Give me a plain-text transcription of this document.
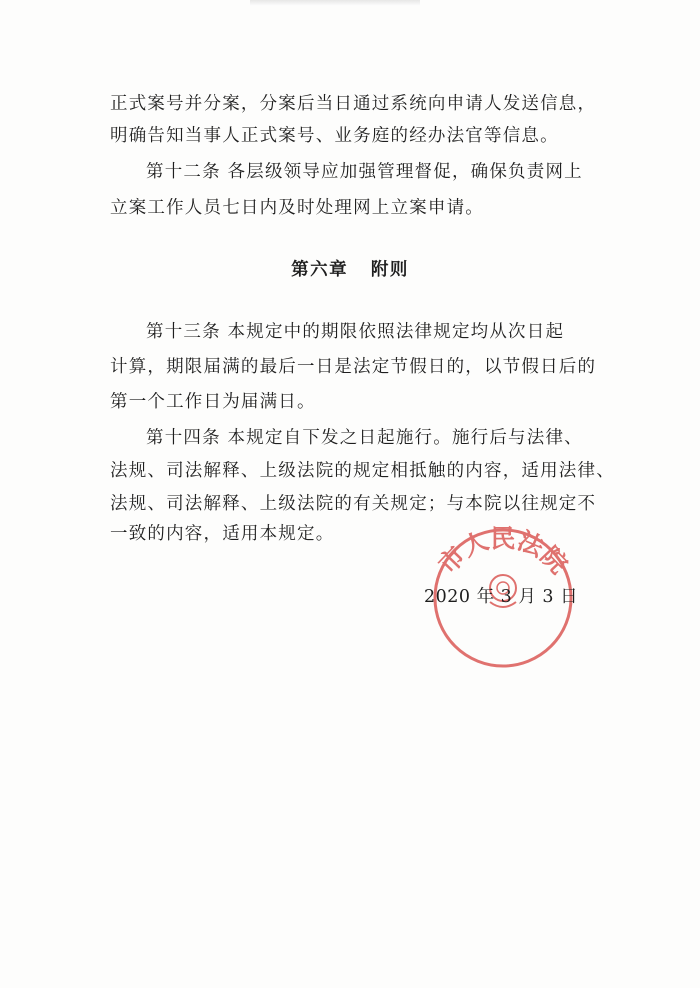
正式案号并分案，分案后当日通过系统向申请人发送信息，
明确告知当事人正式案号、业务庭的经办法官等信息。
第十二条 各层级领导应加强管理督促，确保负责网上
立案工作人员七日内及时处理网上立案申请。
第六章   附则
第十三条 本规定中的期限依照法律规定均从次日起
计算，期限届满的最后一日是法定节假日的，以节假日后的
第一个工作日为届满日。
第十四条 本规定自下发之日起施行。施行后与法律、
法规、司法解释、上级法院的规定相抵触的内容，适用法律、
法规、司法解释、上级法院的有关规定；与本院以往规定不
一致的内容，适用本规定。
市人民法院
2020 年 3 月 3 日
